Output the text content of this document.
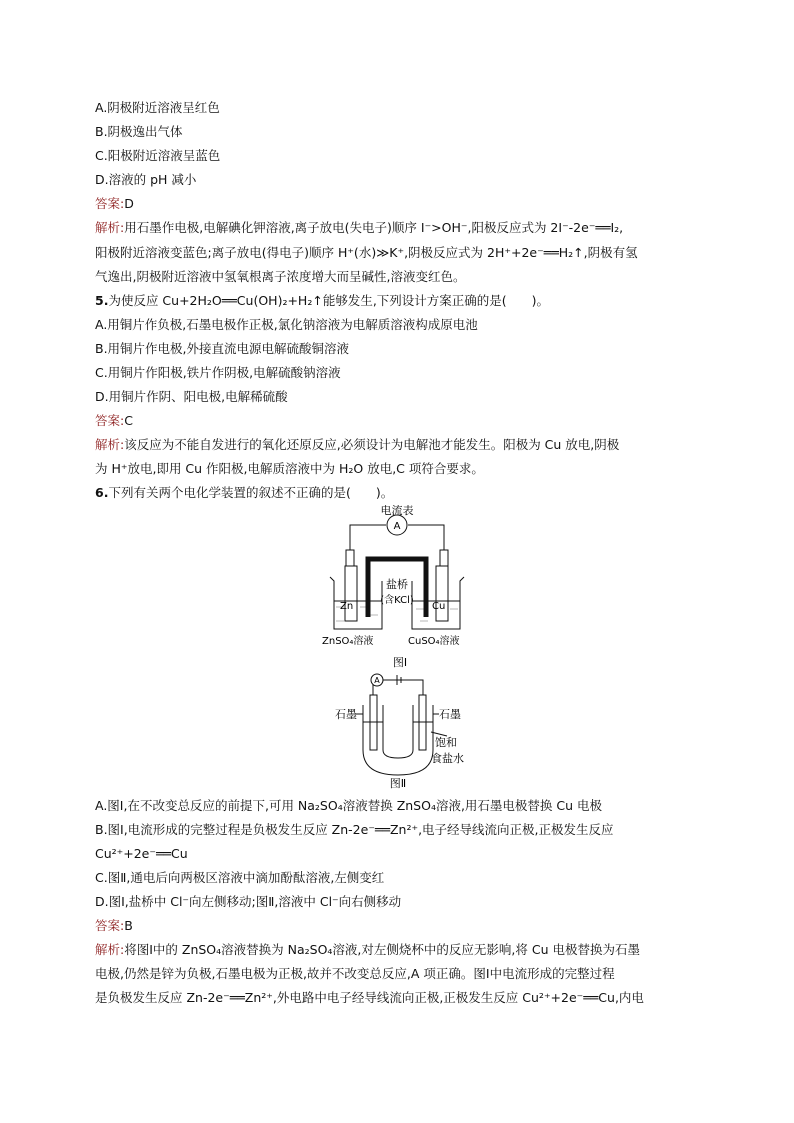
A.阴极附近溶液呈红色
B.阴极逸出气体
C.阳极附近溶液呈蓝色
D.溶液的 pH 减小
答案:D
解析:用石墨作电极,电解碘化钾溶液,离子放电(失电子)顺序 I⁻>OH⁻,阳极反应式为 2I⁻-2e⁻══I₂,
阳极附近溶液变蓝色;离子放电(得电子)顺序 H⁺(水)≫K⁺,阴极反应式为 2H⁺+2e⁻══H₂↑,阴极有氢
气逸出,阴极附近溶液中氢氧根离子浓度增大而呈碱性,溶液变红色。
5.为使反应 Cu+2H₂O══Cu(OH)₂+H₂↑能够发生,下列设计方案正确的是(　　)。
A.用铜片作负极,石墨电极作正极,氯化钠溶液为电解质溶液构成原电池
B.用铜片作电极,外接直流电源电解硫酸铜溶液
C.用铜片作阳极,铁片作阴极,电解硫酸钠溶液
D.用铜片作阴、阳电极,电解稀硫酸
答案:C
解析:该反应为不能自发进行的氧化还原反应,必须设计为电解池才能发生。阳极为 Cu 放电,阴极
为 H⁺放电,即用 Cu 作阳极,电解质溶液中为 H₂O 放电,C 项符合要求。
6.下列有关两个电化学装置的叙述不正确的是(　　)。
盐桥
(含KCl)
A
电流表
Zn	Cu
ZnSO₄溶液	CuSO₄溶液
图Ⅰ
A
石墨	石墨
饱和
食盐水
图Ⅱ
A.图Ⅰ,在不改变总反应的前提下,可用 Na₂SO₄溶液替换 ZnSO₄溶液,用石墨电极替换 Cu 电极
B.图Ⅰ,电流形成的完整过程是负极发生反应 Zn-2e⁻══Zn²⁺,电子经导线流向正极,正极发生反应
Cu²⁺+2e⁻══Cu
C.图Ⅱ,通电后向两极区溶液中滴加酚酞溶液,左侧变红
D.图Ⅰ,盐桥中 Cl⁻向左侧移动;图Ⅱ,溶液中 Cl⁻向右侧移动
答案:B
解析:将图Ⅰ中的 ZnSO₄溶液替换为 Na₂SO₄溶液,对左侧烧杯中的反应无影响,将 Cu 电极替换为石墨
电极,仍然是锌为负极,石墨电极为正极,故并不改变总反应,A 项正确。图Ⅰ中电流形成的完整过程
是负极发生反应 Zn-2e⁻══Zn²⁺,外电路中电子经导线流向正极,正极发生反应 Cu²⁺+2e⁻══Cu,内电
